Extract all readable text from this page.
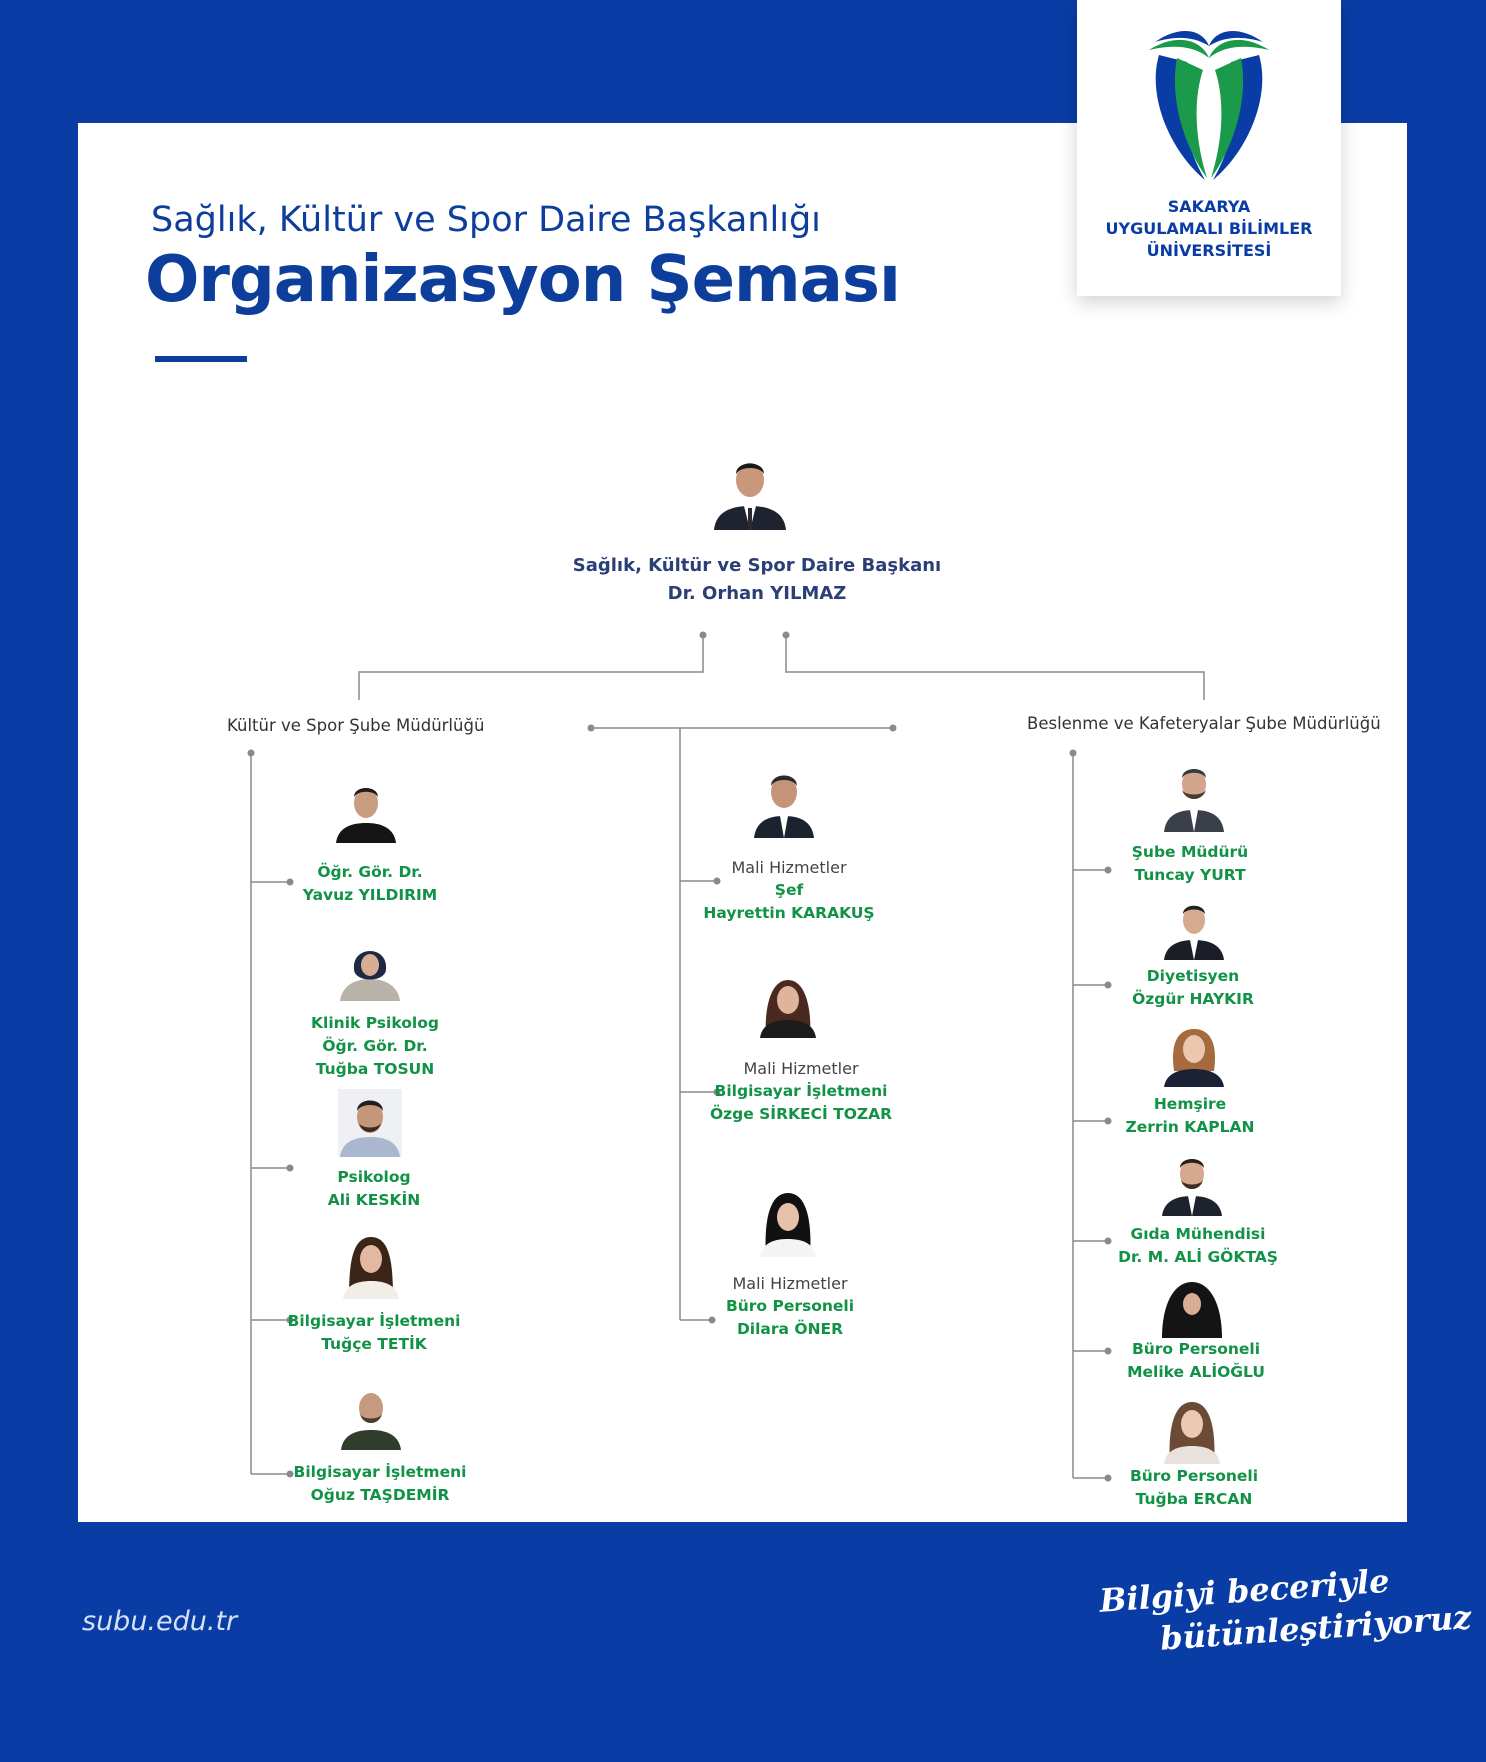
SAKARYA
UYGULAMALI BİLİMLER
ÜNİVERSİTESİ
Sağlık, Kültür ve Spor Daire Başkanlığı
Organizasyon Şeması
Sağlık, Kültür ve Spor Daire Başkanı
Dr. Orhan YILMAZ
Kültür ve Spor Şube Müdürlüğü	Beslenme ve Kafeteryalar Şube Müdürlüğü
Öğr. Gör. Dr.
Yavuz YILDIRIM
Klinik Psikolog
Öğr. Gör. Dr.
Tuğba TOSUN
Psikolog
Ali KESKİN
Bilgisayar İşletmeni
Tuğçe TETİK
Bilgisayar İşletmeni
Oğuz TAŞDEMİR
Mali Hizmetler
Şef
Hayrettin KARAKUŞ
Mali Hizmetler
Bilgisayar İşletmeni
Özge SİRKECİ TOZAR
Mali Hizmetler
Büro Personeli
Dilara ÖNER
Şube Müdürü
Tuncay YURT
Diyetisyen
Özgür HAYKIR
Hemşire
Zerrin KAPLAN
Gıda Mühendisi
Dr. M. ALİ GÖKTAŞ
Büro Personeli
Melike ALİOĞLU
Büro Personeli
Tuğba ERCAN
subu.edu.tr
Bilgiyi beceriyle
bütünleştiriyoruz
